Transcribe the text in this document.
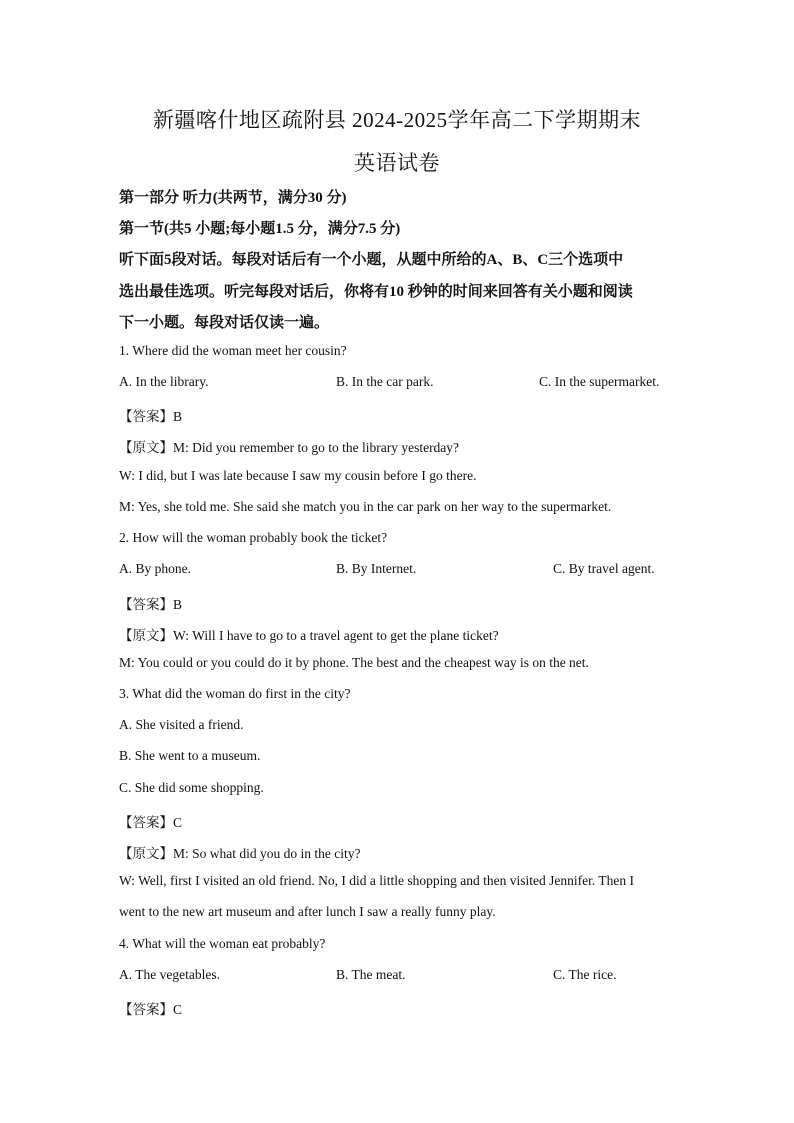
新疆喀什地区疏附县 2024-2025学年高二下学期期末
英语试卷
第一部分 听力(共两节，满分30 分)
第一节(共5 小题;每小题1.5 分，满分7.5 分)
听下面5段对话。每段对话后有一个小题，从题中所给的A、B、C三个选项中
选出最佳选项。听完每段对话后，你将有10 秒钟的时间来回答有关小题和阅读
下一小题。每段对话仅读一遍。
1. Where did the woman meet her cousin?
A. In the library.	B. In the car park.	C. In the supermarket.
【答案】B
【原文】M: Did you remember to go to the library yesterday?
W: I did, but I was late because I saw my cousin before I go there.
M: Yes, she told me. She said she match you in the car park on her way to the supermarket.
2. How will the woman probably book the ticket?
A. By phone.	B. By Internet.	C. By travel agent.
【答案】B
【原文】W: Will I have to go to a travel agent to get the plane ticket?
M: You could or you could do it by phone. The best and the cheapest way is on the net.
3. What did the woman do first in the city?
A. She visited a friend.
B. She went to a museum.
C. She did some shopping.
【答案】C
【原文】M: So what did you do in the city?
W: Well, first I visited an old friend. No, I did a little shopping and then visited Jennifer. Then I
went to the new art museum and after lunch I saw a really funny play.
4. What will the woman eat probably?
A. The vegetables.	B. The meat.	C. The rice.
【答案】C
